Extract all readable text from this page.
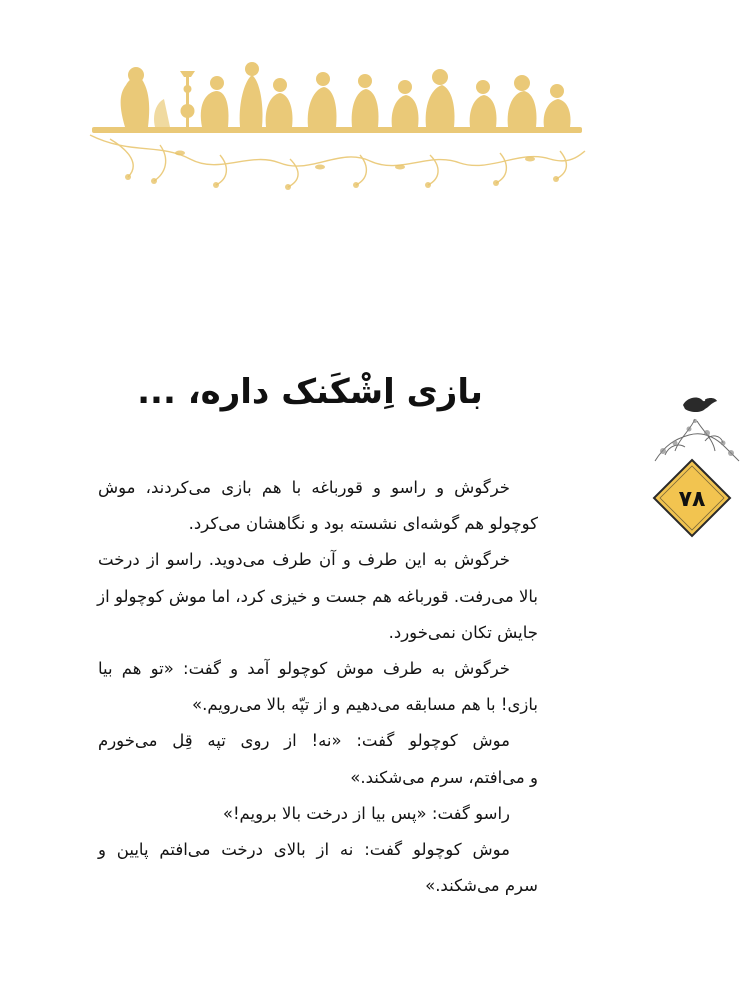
بازی اِشْکَنک داره، ...
۷۸

خرگوش و راسو و قورباغه با هم بازی می‌کردند، موش
کوچولو هم گوشه‌ای نشسته بود و نگاهشان می‌کرد.

خرگوش به این طرف و آن طرف می‌دوید. راسو از درخت
بالا می‌رفت. قورباغه هم جست و خیزی کرد، اما موش کوچولو از
جایش تکان نمی‌خورد.

خرگوش به طرف موش کوچولو آمد و گفت: «تو هم بیا
بازی! با هم مسابقه می‌دهیم و از تپّه بالا می‌رویم.»

موش کوچولو گفت: «نه! از روی تپه قِل می‌خورم
و می‌افتم، سرم می‌شکند.»

راسو گفت: «پس بیا از درخت بالا برویم!»

موش کوچولو گفت: نه از بالای درخت می‌افتم پایین و
سرم می‌شکند.»
